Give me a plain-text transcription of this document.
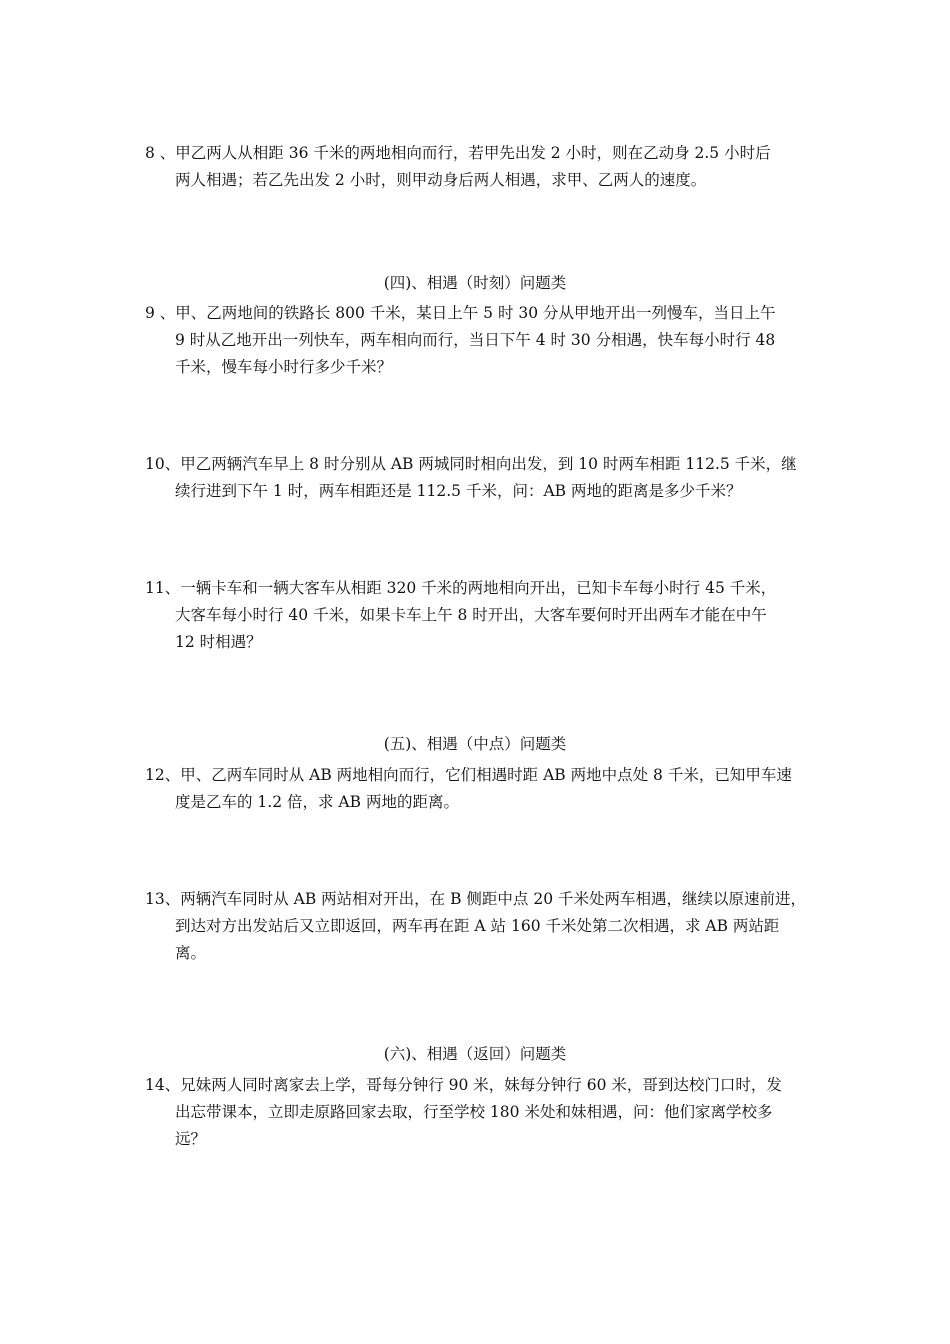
8 、甲乙两人从相距 36 千米的两地相向而行，若甲先出发 2 小时，则在乙动身 2.5 小时后
两人相遇；若乙先出发 2 小时，则甲动身后两人相遇，求甲、乙两人的速度。
(四)、相遇（时刻）问题类
9 、甲、乙两地间的铁路长 800 千米，某日上午 5 时 30 分从甲地开出一列慢车，当日上午
9 时从乙地开出一列快车，两车相向而行，当日下午 4 时 30 分相遇，快车每小时行 48
千米，慢车每小时行多少千米？
10、甲乙两辆汽车早上 8 时分别从 AB 两城同时相向出发，到 10 时两车相距 112.5 千米，继
续行进到下午 1 时，两车相距还是 112.5 千米，问：AB 两地的距离是多少千米？
11、一辆卡车和一辆大客车从相距 320 千米的两地相向开出，已知卡车每小时行 45 千米，
大客车每小时行 40 千米，如果卡车上午 8 时开出，大客车要何时开出两车才能在中午
12 时相遇？
(五)、相遇（中点）问题类
12、甲、乙两车同时从 AB 两地相向而行，它们相遇时距 AB 两地中点处 8 千米，已知甲车速
度是乙车的 1.2 倍，求 AB 两地的距离。
13、两辆汽车同时从 AB 两站相对开出，在 B 侧距中点 20 千米处两车相遇，继续以原速前进，
到达对方出发站后又立即返回，两车再在距 A 站 160 千米处第二次相遇，求 AB 两站距
离。
(六)、相遇（返回）问题类
14、兄妹两人同时离家去上学，哥每分钟行 90 米，妹每分钟行 60 米，哥到达校门口时，发
出忘带课本，立即走原路回家去取，行至学校 180 米处和妹相遇，问：他们家离学校多
远？
